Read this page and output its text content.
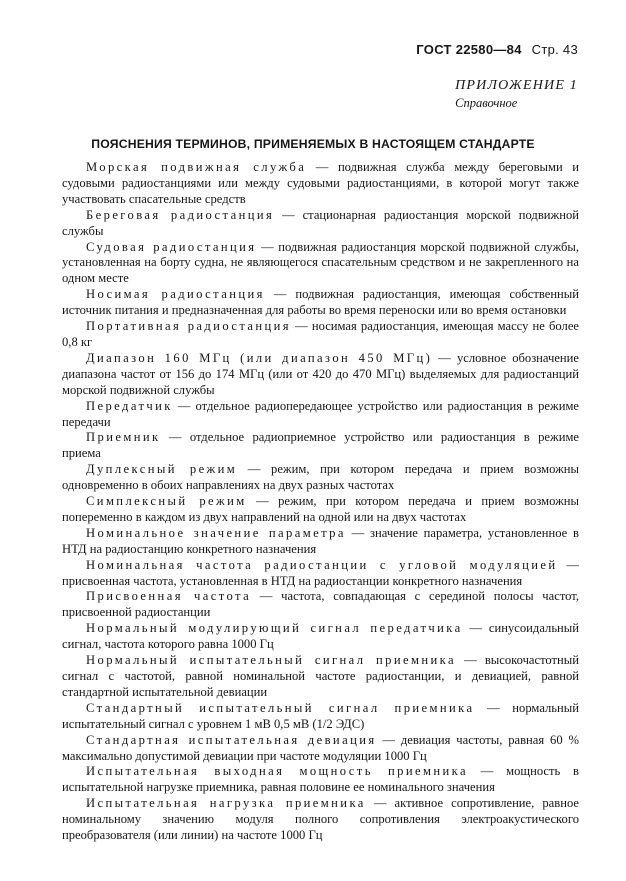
ГОСТ 22580—84 Стр. 43
ПРИЛОЖЕНИЕ 1
Справочное
ПОЯСНЕНИЯ ТЕРМИНОВ, ПРИМЕНЯЕМЫХ В НАСТОЯЩЕМ СТАНДАРТЕ

Морская подвижная служба — подвижная служба между береговыми и судовыми радиостанциями или между судовыми радиостанциями, в которой могут также участвовать спасательные средств

Береговая радиостанция — стационарная радиостанция морской подвижной службы

Судовая радиостанция — подвижная радиостанция морской подвижной службы, установленная на борту судна, не являющегося спасательным средством и не закрепленного на одном месте

Носимая радиостанция — подвижная радиостанция, имеющая собственный источник питания и предназначенная для работы во время переноски или во время остановки

Портативная радиостанция — носимая радиостанция, имеющая массу не более 0,8 кг

Диапазон 160 МГц (или диапазон 450 МГц) — условное обозначение диапазона частот от 156 до 174 МГц (или от 420 до 470 МГц) выделяемых для радиостанций морской подвижной службы

Передатчик — отдельное радиопередающее устройство или радиостанция в режиме передачи

Приемник — отдельное радиоприемное устройство или радиостанция в режиме приема

Дуплексный режим — режим, при котором передача и прием возможны одновременно в обоих направлениях на двух разных частотах

Симплексный режим — режим, при котором передача и прием возможны попеременно в каждом из двух направлений на одной или на двух частотах

Номинальное значение параметра — значение параметра, установленное в НТД на радиостанцию конкретного назначения

Номинальная частота радиостанции с угловой модуляцией — присвоенная частота, установленная в НТД на радиостанции конкретного назначения

Присвоенная частота — частота, совпадающая с серединой полосы частот, присвоенной радиостанции

Нормальный модулирующий сигнал передатчика — синусоидальный сигнал, частота которого равна 1000 Гц

Нормальный испытательный сигнал приемника — высокочастотный сигнал с частотой, равной номинальной частоте радиостанции, и девиацией, равной стандартной испытательной девиации

Стандартный испытательный сигнал приемника — нормальный испытательный сигнал с уровнем 1 мВ 0,5 мВ (1/2 ЭДС)

Стандартная испытательная девиация — девиация частоты, равная 60 % максимально допустимой девиации при частоте модуляции 1000 Гц

Испытательная выходная мощность приемника — мощность в испытательной нагрузке приемника, равная половине ее номинального значения

Испытательная нагрузка приемника — активное сопротивление, равное номинальному значению модуля полного сопротивления электроакустического преобразователя (или линии) на частоте 1000 Гц
